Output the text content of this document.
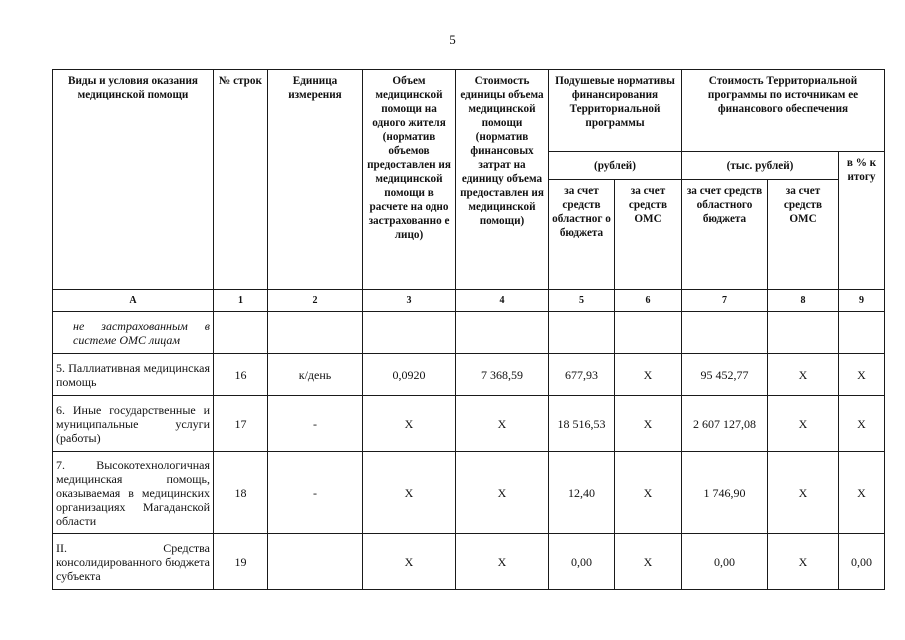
5
Виды и условия оказания медицинской помощи	№ строк	Единица измерения	Объем медицинской помощи на одного жителя (норматив объемов предоставлен ия медицинской помощи в расчете на одно застрахованно е лицо)	Стоимость единицы объема медицинской помощи (норматив финансовых затрат на единицу объема предоставлен ия медицинской помощи)	Подушевые нормативы финансирования Территориальной программы		Стоимость Территориальной программы по источникам ее финансового обеспечения		
					(рублей)		(тыс. рублей)		в % к итогу
					за счет средств областног о бюджета	за счет средств ОМС	за счет средств областного бюджета	за счет средств ОМС	
А	1	2	3	4	5	6	7	8	9
не застрахованным в системе ОМС лицам									
5. Паллиативная медицинская помощь	16	к/день	0,0920	7 368,59	677,93	Х	95 452,77	Х	Х
6. Иные государственные и муниципальные услуги (работы)	17	-	Х	Х	18 516,53	Х	2 607 127,08	Х	Х
7. Высокотехнологичная медицинская помощь, оказываемая в медицинских организациях Магаданской области	18	-	Х	Х	12,40	Х	1 746,90	Х	Х
II. Средства консолидированного бюджета субъекта	19		Х	Х	0,00	Х	0,00	Х	0,00
